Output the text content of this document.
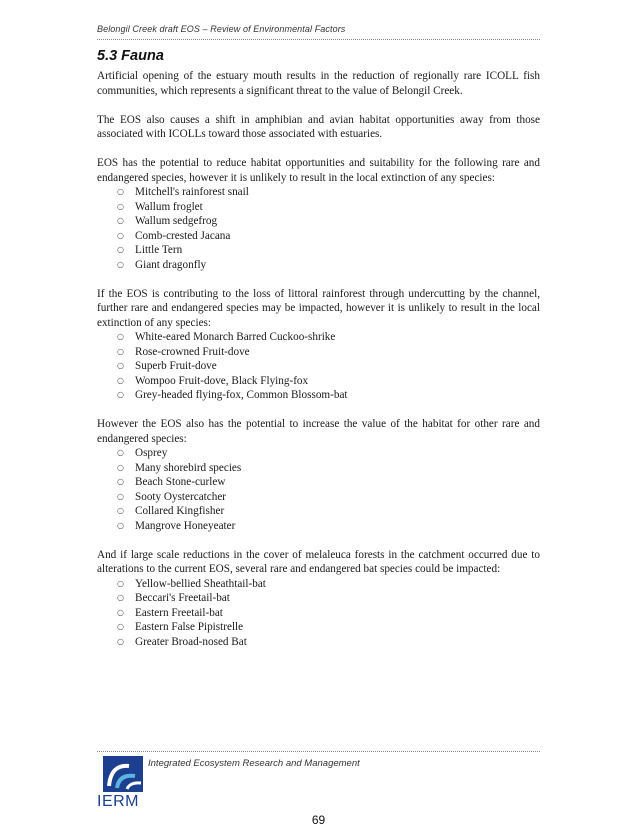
Belongil Creek draft EOS – Review of Environmental Factors
5.3 Fauna

Artificial opening of the estuary mouth results in the reduction of regionally rare ICOLL fish communities, which represents a significant threat to the value of Belongil Creek.

The EOS also causes a shift in amphibian and avian habitat opportunities away from those associated with ICOLLs toward those associated with estuaries.

EOS has the potential to reduce habitat opportunities and suitability for the following rare and endangered species, however it is unlikely to result in the local extinction of any species:

○ Mitchell's rainforest snail
○ Wallum froglet
○ Wallum sedgefrog
○ Comb-crested Jacana
○ Little Tern
○ Giant dragonfly

If the EOS is contributing to the loss of littoral rainforest through undercutting by the channel, further rare and endangered species may be impacted, however it is unlikely to result in the local extinction of any species:

○ White-eared Monarch Barred Cuckoo-shrike
○ Rose-crowned Fruit-dove
○ Superb Fruit-dove
○ Wompoo Fruit-dove, Black Flying-fox
○ Grey-headed flying-fox, Common Blossom-bat

However the EOS also has the potential to increase the value of the habitat for other rare and endangered species:

○ Osprey
○ Many shorebird species
○ Beach Stone-curlew
○ Sooty Oystercatcher
○ Collared Kingfisher
○ Mangrove Honeyeater

And if large scale reductions in the cover of melaleuca forests in the catchment occurred due to alterations to the current EOS, several rare and endangered bat species could be impacted:

○ Yellow-bellied Sheathtail-bat
○ Beccari's Freetail-bat
○ Eastern Freetail-bat
○ Eastern False Pipistrelle
○ Greater Broad-nosed Bat
IERM
Integrated Ecosystem Research and Management
69
